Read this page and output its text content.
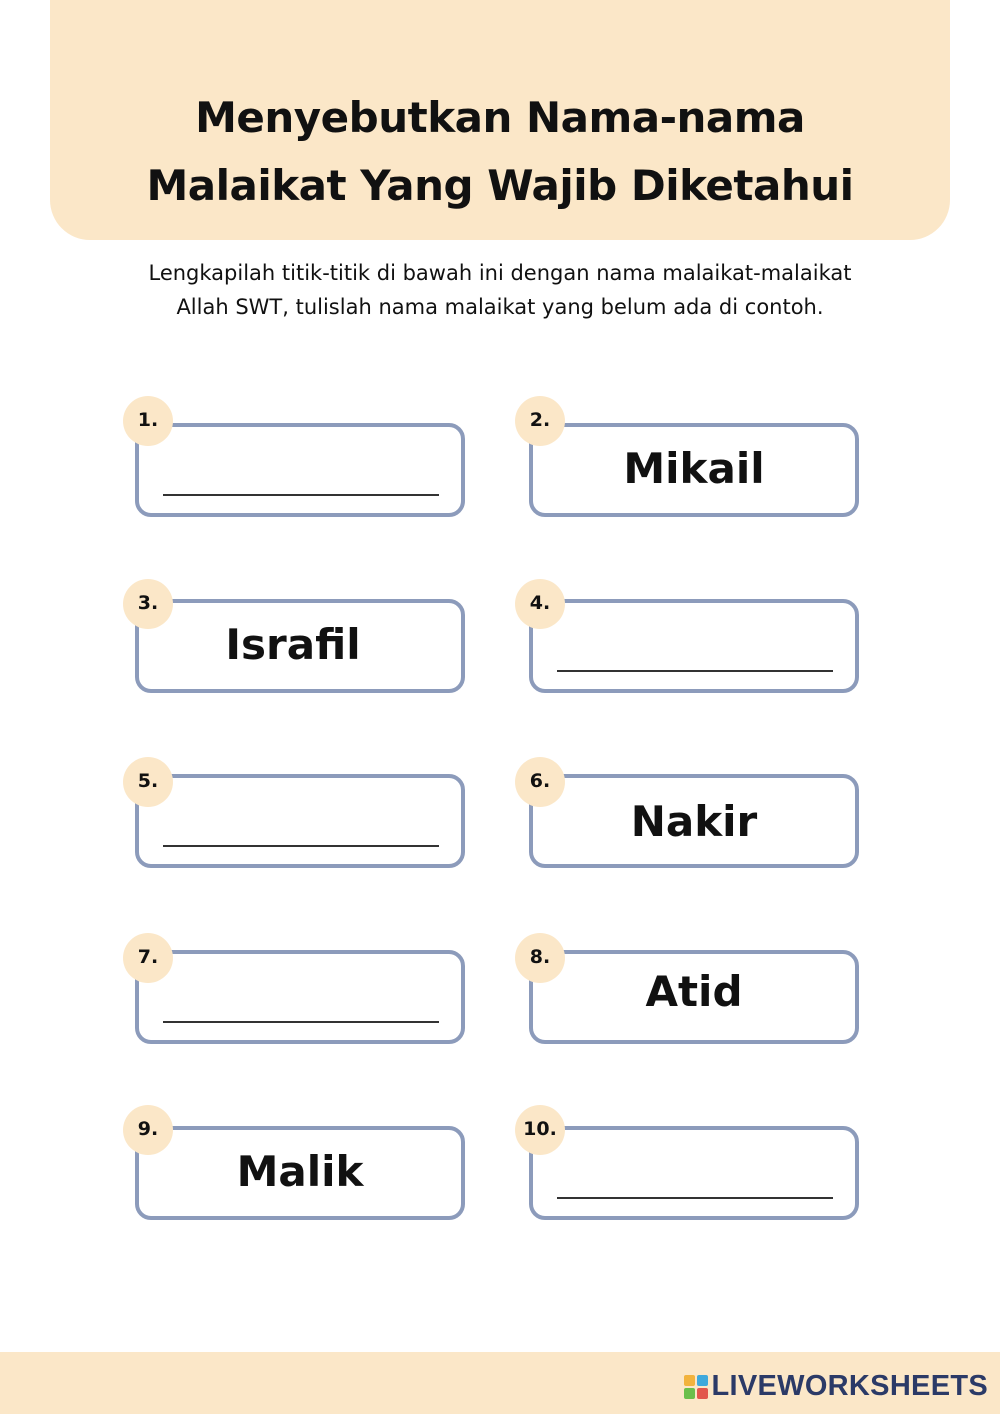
Menyebutkan Nama-nama
Malaikat Yang Wajib Diketahui

Lengkapilah titik-titik di bawah ini dengan nama malaikat-malaikat Allah SWT, tulislah nama malaikat yang belum ada di contoh.

1.
Mikail
2.
Israfil
3.	4.
5.
Nakir
6.
7.
Atid
8.
Malik
9.	10.
LIVEWORKSHEETS
